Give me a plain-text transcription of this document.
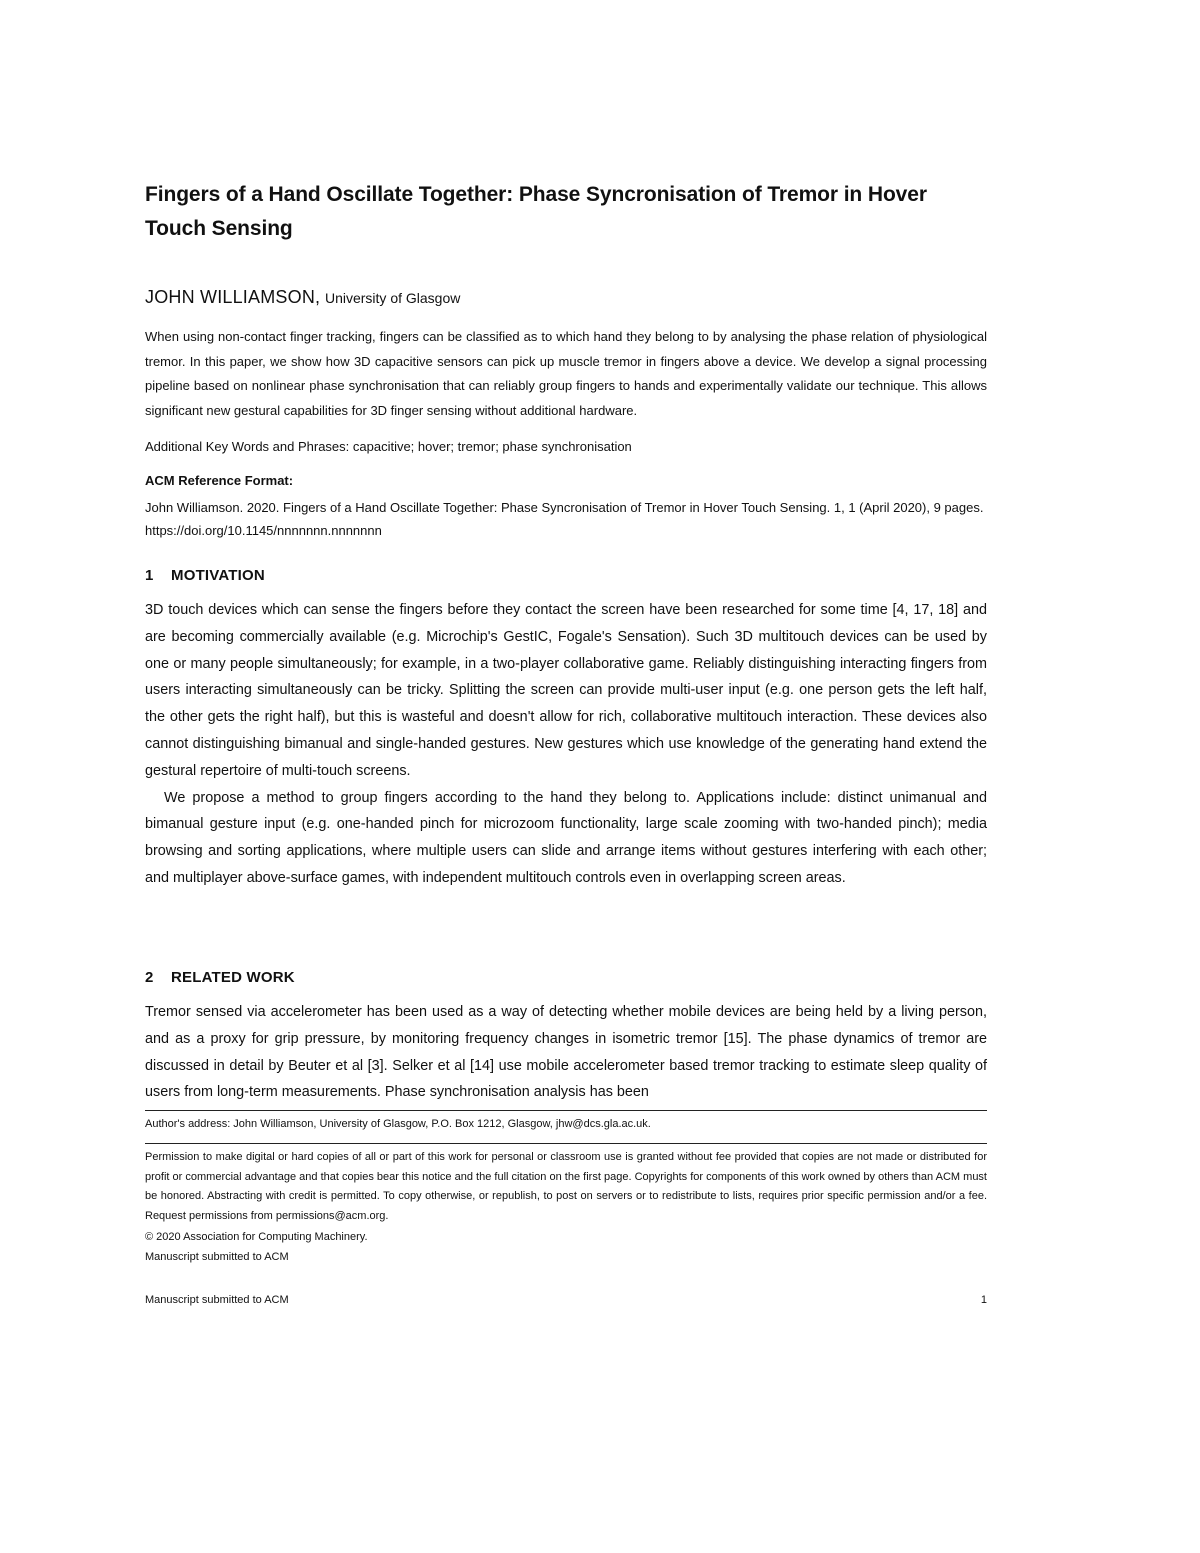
Fingers of a Hand Oscillate Together: Phase Syncronisation of Tremor in Hover Touch Sensing
JOHN WILLIAMSON, University of Glasgow
When using non-contact finger tracking, fingers can be classified as to which hand they belong to by analysing the phase relation of physiological tremor. In this paper, we show how 3D capacitive sensors can pick up muscle tremor in fingers above a device. We develop a signal processing pipeline based on nonlinear phase synchronisation that can reliably group fingers to hands and experimentally validate our technique. This allows significant new gestural capabilities for 3D finger sensing without additional hardware.
Additional Key Words and Phrases: capacitive; hover; tremor; phase synchronisation
ACM Reference Format:
John Williamson. 2020. Fingers of a Hand Oscillate Together: Phase Syncronisation of Tremor in Hover Touch Sensing. 1, 1 (April 2020), 9 pages. https://doi.org/10.1145/nnnnnnn.nnnnnnn
1 MOTIVATION

3D touch devices which can sense the fingers before they contact the screen have been researched for some time [4, 17, 18] and are becoming commercially available (e.g. Microchip's GestIC, Fogale's Sensation). Such 3D multitouch devices can be used by one or many people simultaneously; for example, in a two-player collaborative game. Reliably distinguishing interacting fingers from users interacting simultaneously can be tricky. Splitting the screen can provide multi-user input (e.g. one person gets the left half, the other gets the right half), but this is wasteful and doesn't allow for rich, collaborative multitouch interaction. These devices also cannot distinguishing bimanual and single-handed gestures. New gestures which use knowledge of the generating hand extend the gestural repertoire of multi-touch screens.

We propose a method to group fingers according to the hand they belong to. Applications include: distinct unimanual and bimanual gesture input (e.g. one-handed pinch for microzoom functionality, large scale zooming with two-handed pinch); media browsing and sorting applications, where multiple users can slide and arrange items without gestures interfering with each other; and multiplayer above-surface games, with independent multitouch controls even in overlapping screen areas.

2 RELATED WORK

Tremor sensed via accelerometer has been used as a way of detecting whether mobile devices are being held by a living person, and as a proxy for grip pressure, by monitoring frequency changes in isometric tremor [15]. The phase dynamics of tremor are discussed in detail by Beuter et al [3]. Selker et al [14] use mobile accelerometer based tremor tracking to estimate sleep quality of users from long-term measurements. Phase synchronisation analysis has been

Author's address: John Williamson, University of Glasgow, P.O. Box 1212, Glasgow, jhw@dcs.gla.ac.uk.
Permission to make digital or hard copies of all or part of this work for personal or classroom use is granted without fee provided that copies are not made or distributed for profit or commercial advantage and that copies bear this notice and the full citation on the first page. Copyrights for components of this work owned by others than ACM must be honored. Abstracting with credit is permitted. To copy otherwise, or republish, to post on servers or to redistribute to lists, requires prior specific permission and/or a fee. Request permissions from permissions@acm.org.
© 2020 Association for Computing Machinery.
Manuscript submitted to ACM
Manuscript submitted to ACM	1
